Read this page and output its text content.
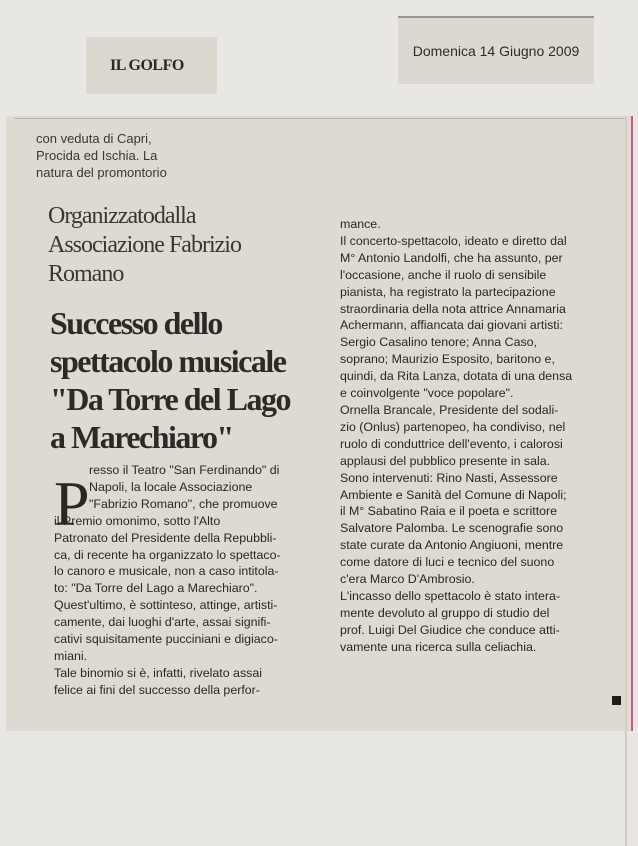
IL GOLFO
Domenica 14 Giugno 2009
con veduta di Capri,
Procida ed Ischia. La
natura del promontorio
Organizzatodalla
Associazione Fabrizio
Romano
Successo dello
spettacolo musicale
"Da Torre del Lago
a Marechiaro"
P resso il Teatro "San Ferdinando" di
Napoli, la locale Associazione
"Fabrizio Romano", che promuove
il Premio omonimo, sotto l'Alto
Patronato del Presidente della Repubbli-
ca, di recente ha organizzato lo spettaco-
lo canoro e musicale, non a caso intitola-
to: "Da Torre del Lago a Marechiaro".
Quest'ultimo, è sottinteso, attinge, artisti-
camente, dai luoghi d'arte, assai signifi-
cativi squisitamente pucciniani e digiaco-
miani.
Tale binomio si è, infatti, rivelato assai
felice ai fini del successo della perfor-
mance.
Il concerto-spettacolo, ideato e diretto dal
M° Antonio Landolfi, che ha assunto, per
l'occasione, anche il ruolo di sensibile
pianista, ha registrato la partecipazione
straordinaria della nota attrice Annamaria
Achermann, affiancata dai giovani artisti:
Sergio Casalino tenore; Anna Caso,
soprano; Maurizio Esposito, baritono e,
quindi, da Rita Lanza, dotata di una densa
e coinvolgente "voce popolare".
Ornella Brancale, Presidente del sodali-
zio (Onlus) partenopeo, ha condiviso, nel
ruolo di conduttrice dell'evento, i calorosi
applausi del pubblico presente in sala.
Sono intervenuti: Rino Nasti, Assessore
Ambiente e Sanità del Comune di Napoli;
il M° Sabatino Raia e il poeta e scrittore
Salvatore Palomba. Le scenografie sono
state curate da Antonio Angiuoni, mentre
come datore di luci e tecnico del suono
c'era Marco D'Ambrosio.
L'incasso dello spettacolo è stato intera-
mente devoluto al gruppo di studio del
prof. Luigi Del Giudice che conduce atti-
vamente una ricerca sulla celiachia.
